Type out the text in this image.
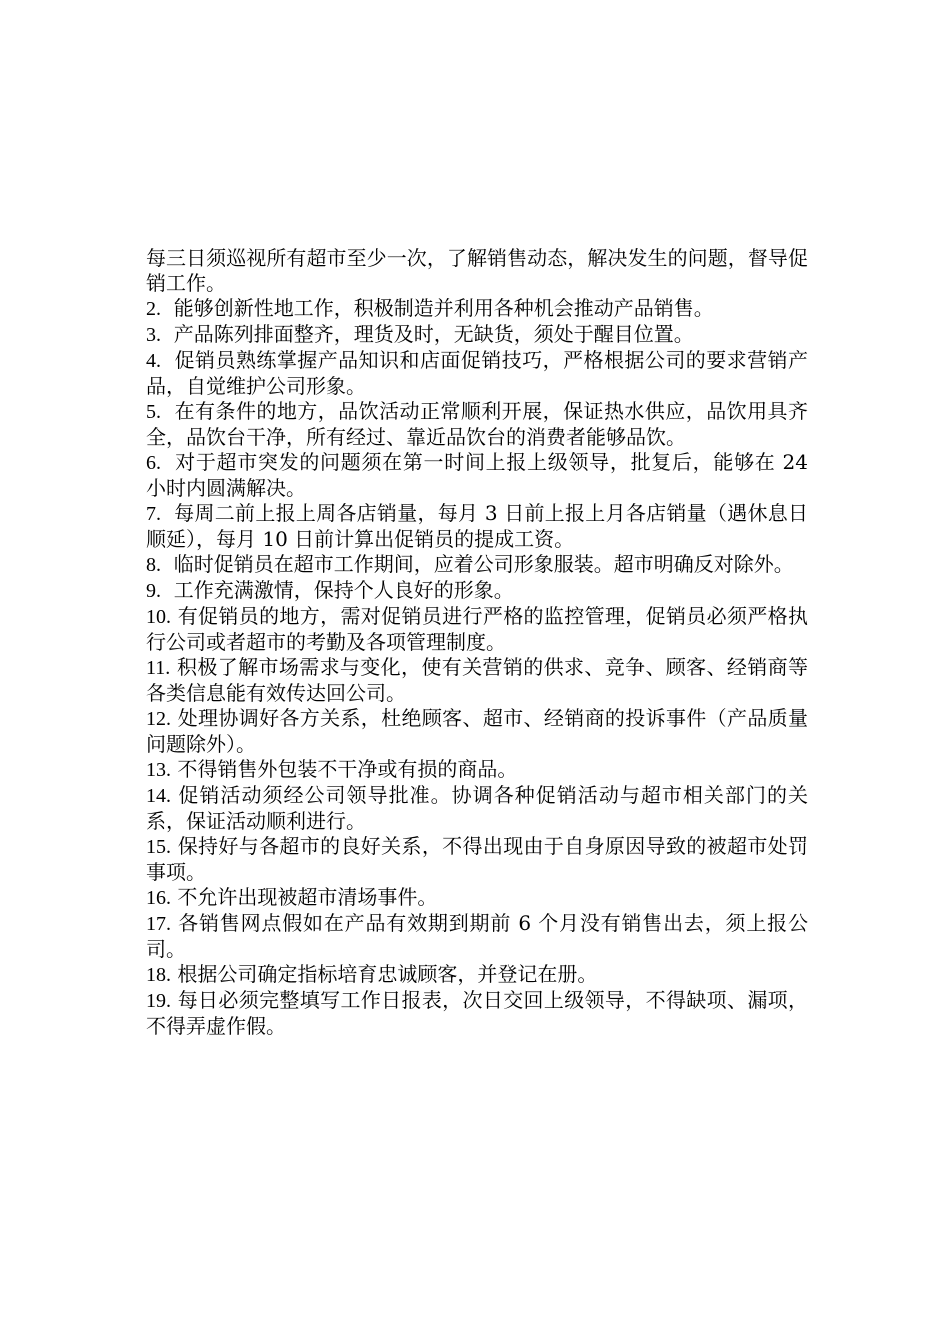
每三日须巡视所有超市至少一次，了解销售动态，解决发生的问题，督导促销工作。

2. 能够创新性地工作，积极制造并利用各种机会推动产品销售。

3. 产品陈列排面整齐，理货及时，无缺货，须处于醒目位置。

4. 促销员熟练掌握产品知识和店面促销技巧，严格根据公司的要求营销产品，自觉维护公司形象。

5. 在有条件的地方，品饮活动正常顺利开展，保证热水供应，品饮用具齐全，品饮台干净，所有经过、靠近品饮台的消费者能够品饮。

6. 对于超市突发的问题须在第一时间上报上级领导，批复后，能够在 24 小时内圆满解决。

7. 每周二前上报上周各店销量，每月 3 日前上报上月各店销量（遇休息日顺延），每月 10 日前计算出促销员的提成工资。

8. 临时促销员在超市工作期间，应着公司形象服装。超市明确反对除外。

9. 工作充满激情，保持个人良好的形象。

10. 有促销员的地方，需对促销员进行严格的监控管理，促销员必须严格执行公司或者超市的考勤及各项管理制度。

11. 积极了解市场需求与变化，使有关营销的供求、竞争、顾客、经销商等各类信息能有效传达回公司。

12. 处理协调好各方关系，杜绝顾客、超市、经销商的投诉事件（产品质量问题除外）。

13. 不得销售外包装不干净或有损的商品。

14. 促销活动须经公司领导批准。协调各种促销活动与超市相关部门的关系，保证活动顺利进行。

15. 保持好与各超市的良好关系，不得出现由于自身原因导致的被超市处罚事项。

16. 不允许出现被超市清场事件。

17. 各销售网点假如在产品有效期到期前 6 个月没有销售出去，须上报公司。

18. 根据公司确定指标培育忠诚顾客，并登记在册。

19. 每日必须完整填写工作日报表，次日交回上级领导，不得缺项、漏项，不得弄虚作假。
